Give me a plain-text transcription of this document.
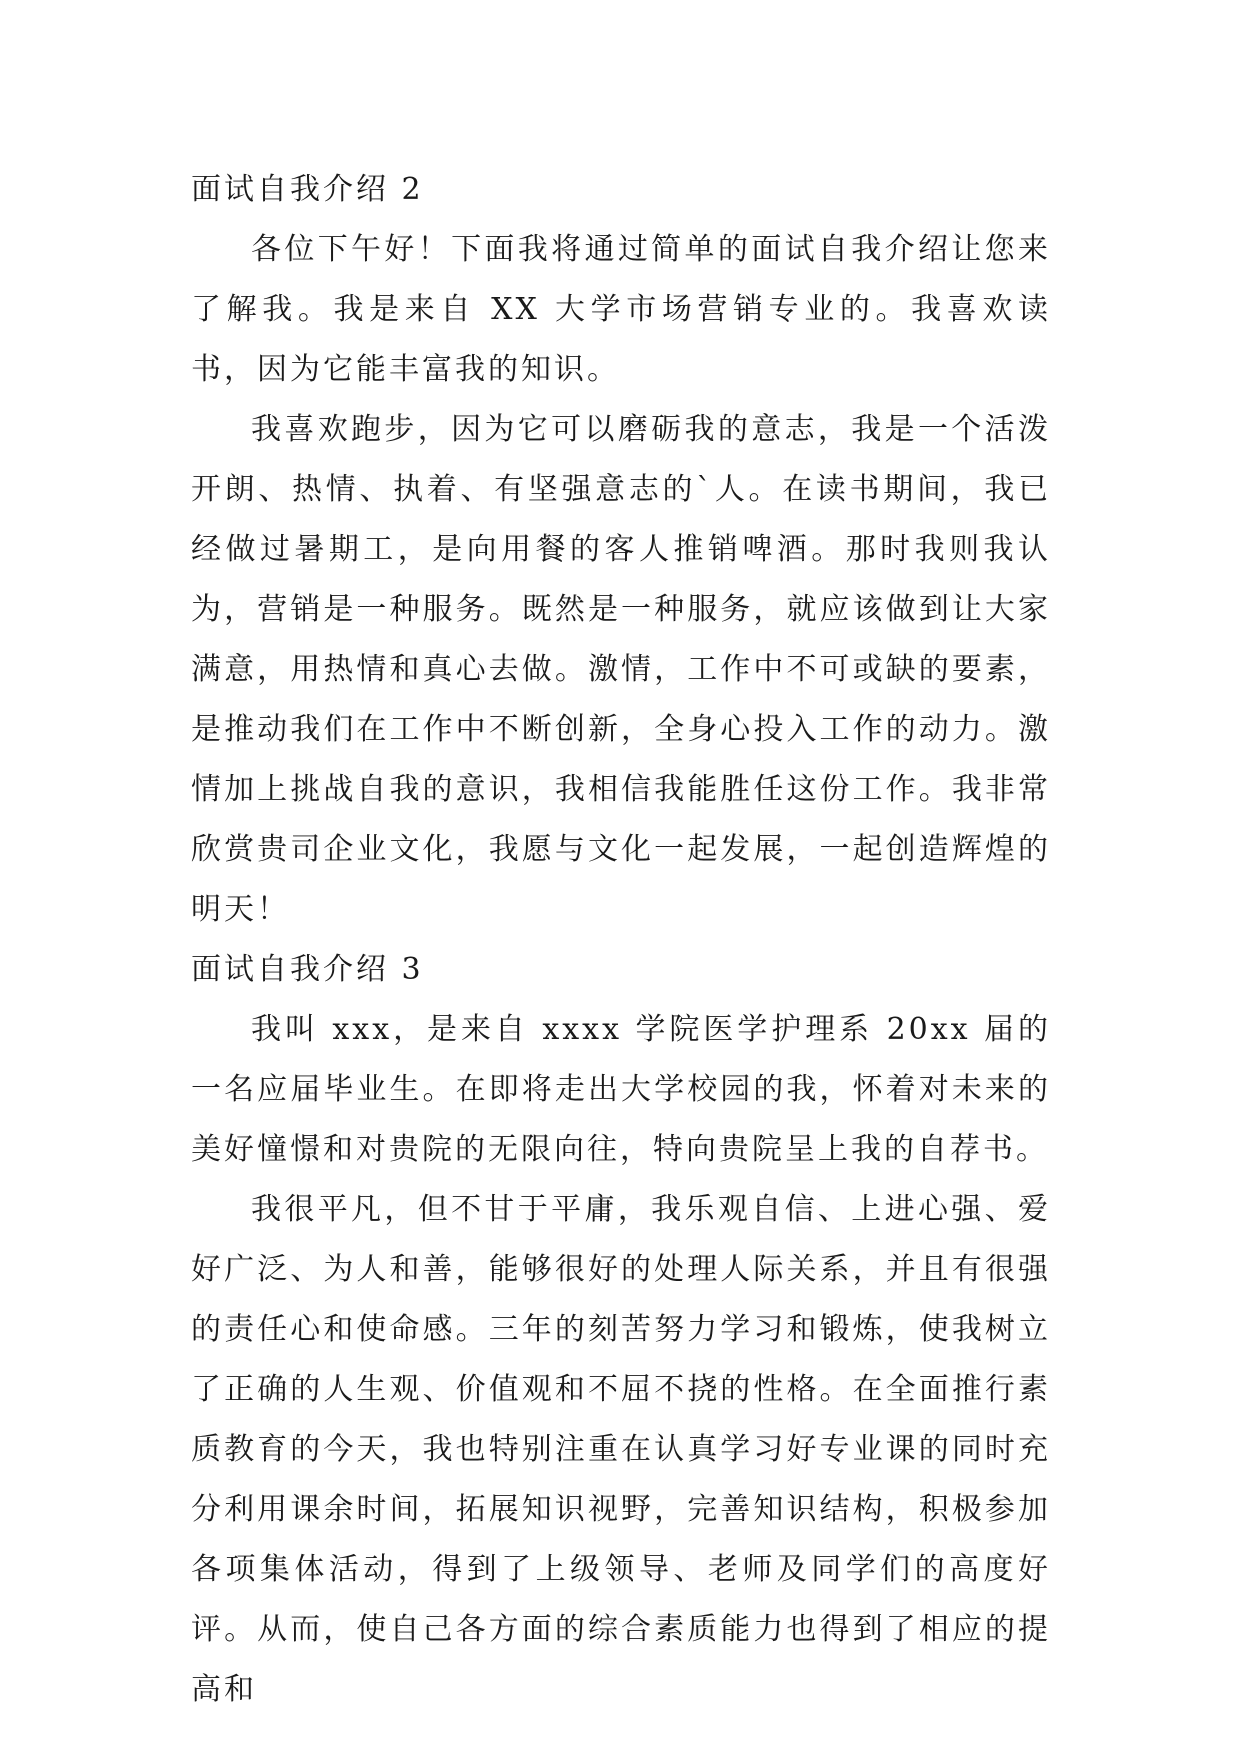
面试自我介绍 2

各位下午好！下面我将通过简单的面试自我介绍让您来了解我。我是来自 XX 大学市场营销专业的。我喜欢读书，因为它能丰富我的知识。

我喜欢跑步，因为它可以磨砺我的意志，我是一个活泼开朗、热情、执着、有坚强意志的`人。在读书期间，我已经做过暑期工，是向用餐的客人推销啤酒。那时我则我认为，营销是一种服务。既然是一种服务，就应该做到让大家满意，用热情和真心去做。激情，工作中不可或缺的要素，是推动我们在工作中不断创新，全身心投入工作的动力。激情加上挑战自我的意识，我相信我能胜任这份工作。我非常欣赏贵司企业文化，我愿与文化一起发展，一起创造辉煌的明天！

面试自我介绍 3

我叫 xxx，是来自 xxxx 学院医学护理系 20xx 届的一名应届毕业生。在即将走出大学校园的我，怀着对未来的美好憧憬和对贵院的无限向往，特向贵院呈上我的自荐书。

我很平凡，但不甘于平庸，我乐观自信、上进心强、爱好广泛、为人和善，能够很好的处理人际关系，并且有很强的责任心和使命感。三年的刻苦努力学习和锻炼，使我树立了正确的人生观、价值观和不屈不挠的性格。在全面推行素质教育的今天，我也特别注重在认真学习好专业课的同时充分利用课余时间，拓展知识视野，完善知识结构，积极参加各项集体活动，得到了上级领导、老师及同学们的高度好评。从而，使自己各方面的综合素质能力也得到了相应的提高和
